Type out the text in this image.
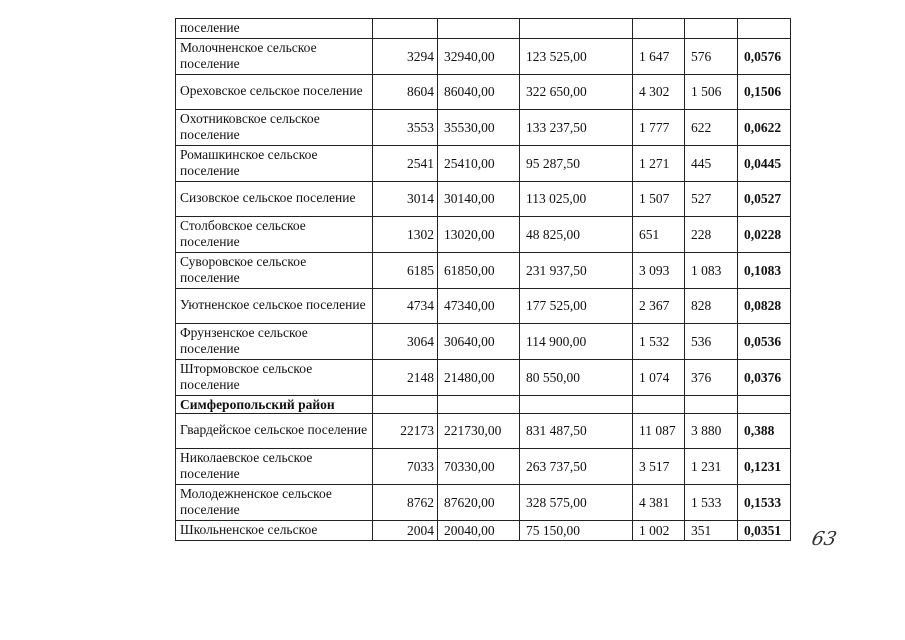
поселение						
Молочненское сельское поселение	3294	32940,00	123 525,00	1 647	576	0,0576
Ореховское сельское поселение	8604	86040,00	322 650,00	4 302	1 506	0,1506
Охотниковское сельское поселение	3553	35530,00	133 237,50	1 777	622	0,0622
Ромашкинское сельское поселение	2541	25410,00	95 287,50	1 271	445	0,0445
Сизовское сельское поселение	3014	30140,00	113 025,00	1 507	527	0,0527
Столбовское сельское поселение	1302	13020,00	48 825,00	651	228	0,0228
Суворовское сельское поселение	6185	61850,00	231 937,50	3 093	1 083	0,1083
Уютненское сельское поселение	4734	47340,00	177 525,00	2 367	828	0,0828
Фрунзенское сельское поселение	3064	30640,00	114 900,00	1 532	536	0,0536
Штормовское сельское поселение	2148	21480,00	80 550,00	1 074	376	0,0376
Симферопольский район						
Гвардейское сельское поселение	22173	221730,00	831 487,50	11 087	3 880	0,388
Николаевское сельское поселение	7033	70330,00	263 737,50	3 517	1 231	0,1231
Молодежненское сельское поселение	8762	87620,00	328 575,00	4 381	1 533	0,1533
Школьненское сельское	2004	20040,00	75 150,00	1 002	351	0,0351 63
